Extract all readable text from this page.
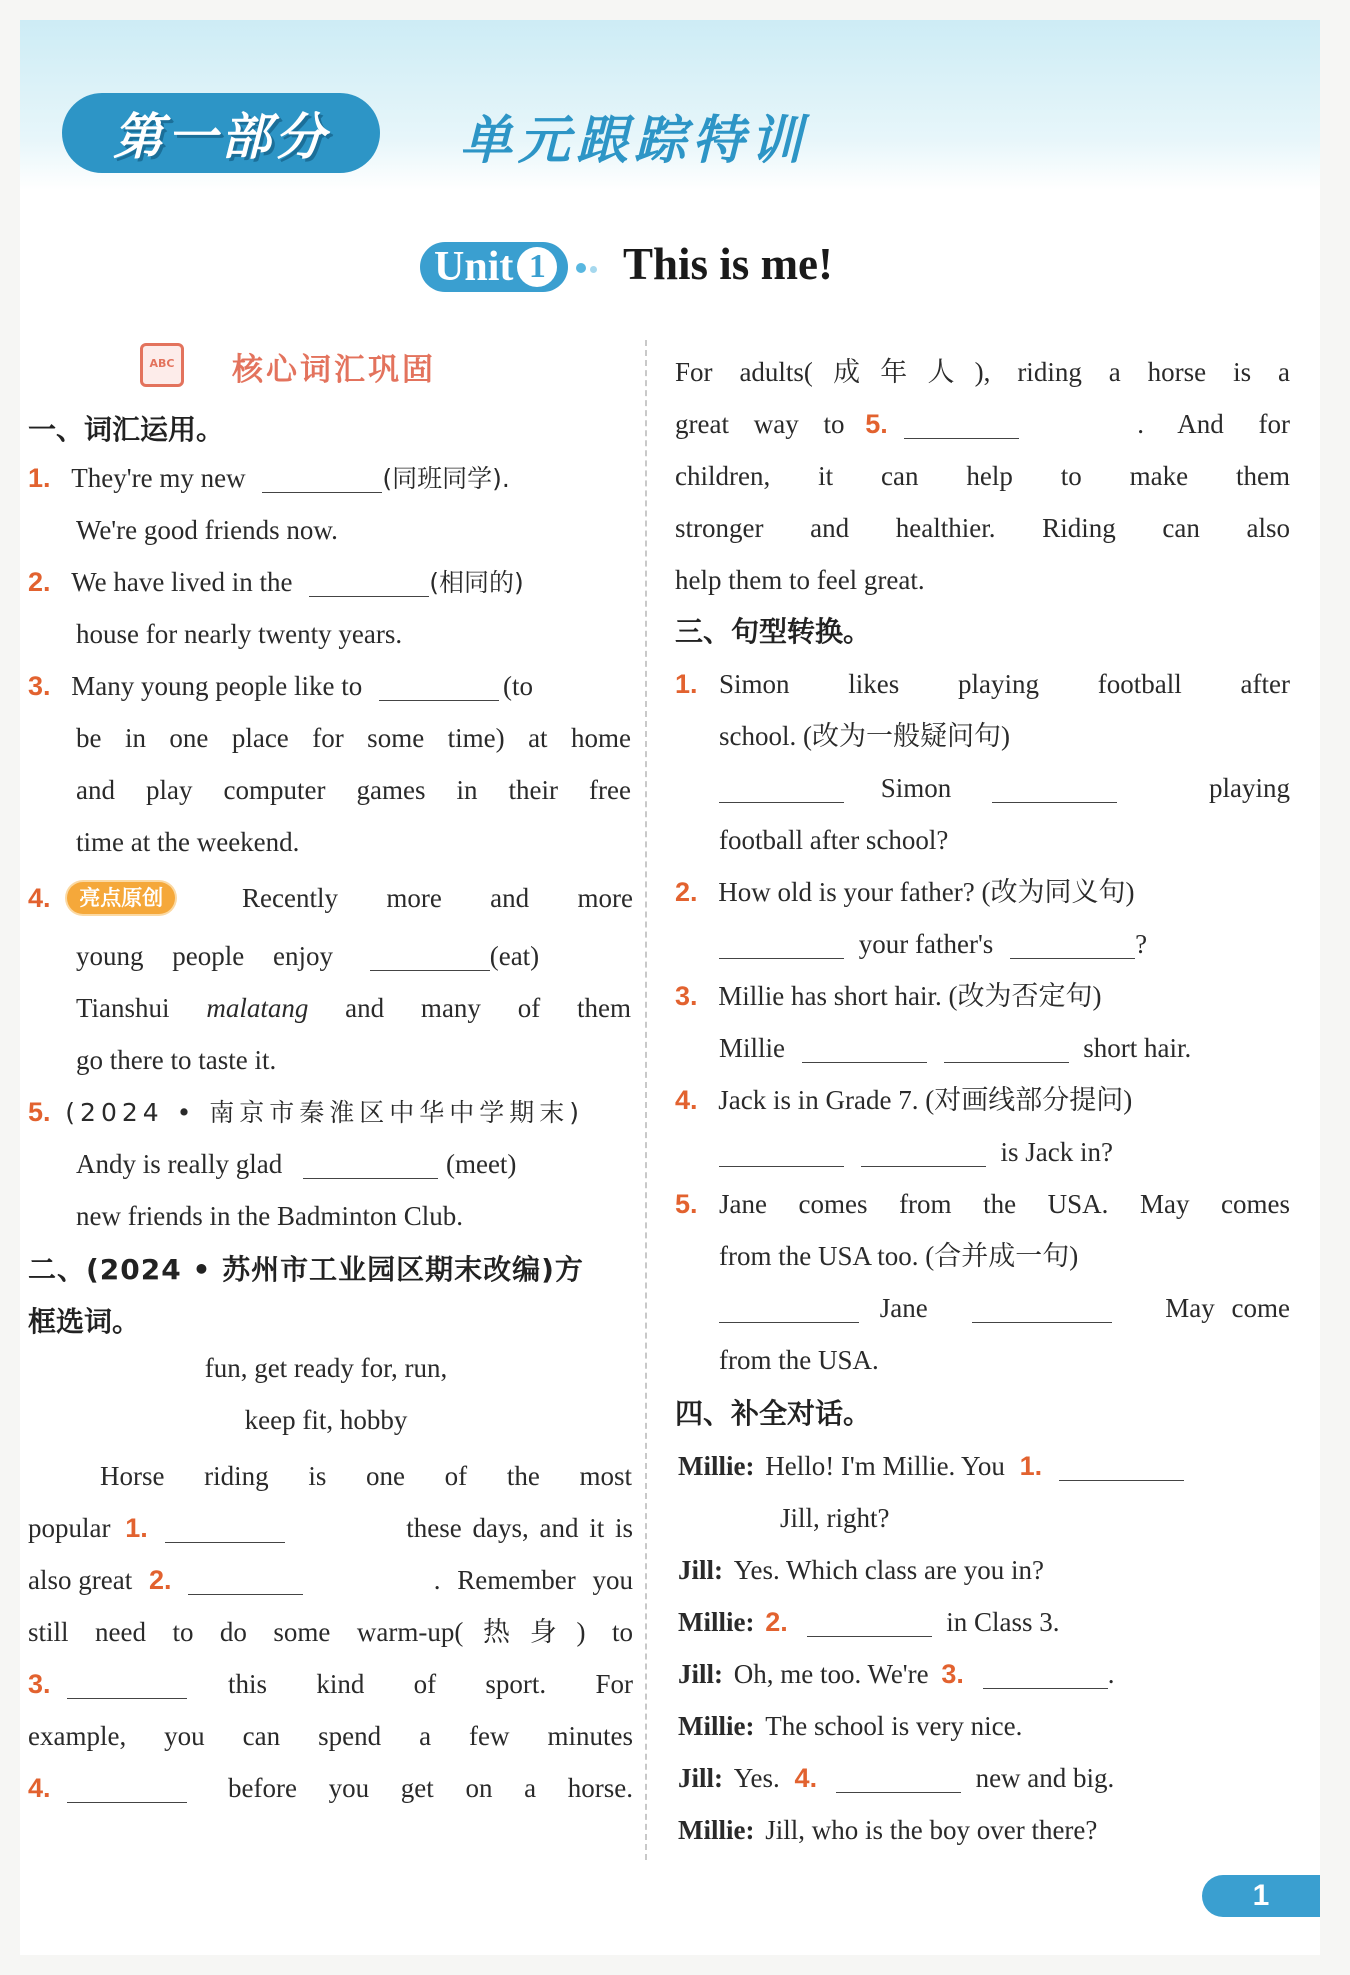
第一部分	单元跟踪特训
Unit 1 This is me!
ABC	核心词汇巩固
一、词汇运用。
1. They're my new	(同班同学).
We're good friends now.
2. We have lived in the	(相同的)
house for nearly twenty years.
3. Many young people like to	(to
be in one place for some time) at home
and play computer games in their free
time at the weekend.
4. 亮点原创	Recently more and more
young people enjoy	(eat)
Tianshui malatang and many of them
go there to taste it.
5. (2024 • 南京市秦淮区中华中学期末)
Andy is really glad	(meet)
new friends in the Badminton Club.
二、(2024 • 苏州市工业园区期末改编)方
框选词。
fun, get ready for, run,
keep fit, hobby
Horse riding is one of the most
popular 1.	these days, and it is
also great 2.	. Remember you
still need to do some warm-up(热身) to
3.	this kind of sport. For
example, you can spend a few minutes
4.	before you get on a horse.
For adults(成年人), riding a horse is a
great way to 5.	. And for
children, it can help to make them
stronger and healthier. Riding can also
help them to feel great.
三、句型转换。
1. Simon likes playing football after
school. (改为一般疑问句)
Simon	playing
football after school?
2. How old is your father? (改为同义句)
your father's	?
3. Millie has short hair. (改为否定句)
Millie	short hair.
4. Jack is in Grade 7. (对画线部分提问)
is Jack in?
5. Jane comes from the USA. May comes
from the USA too. (合并成一句)
Jane	May come
from the USA.
四、补全对话。
Millie: Hello! I'm Millie. You 1.
Jill, right?
Jill: Yes. Which class are you in?
Millie: 2.	in Class 3.
Jill: Oh, me too. We're 3.	.
Millie: The school is very nice.
Jill: Yes. 4.	new and big.
Millie: Jill, who is the boy over there?
1
